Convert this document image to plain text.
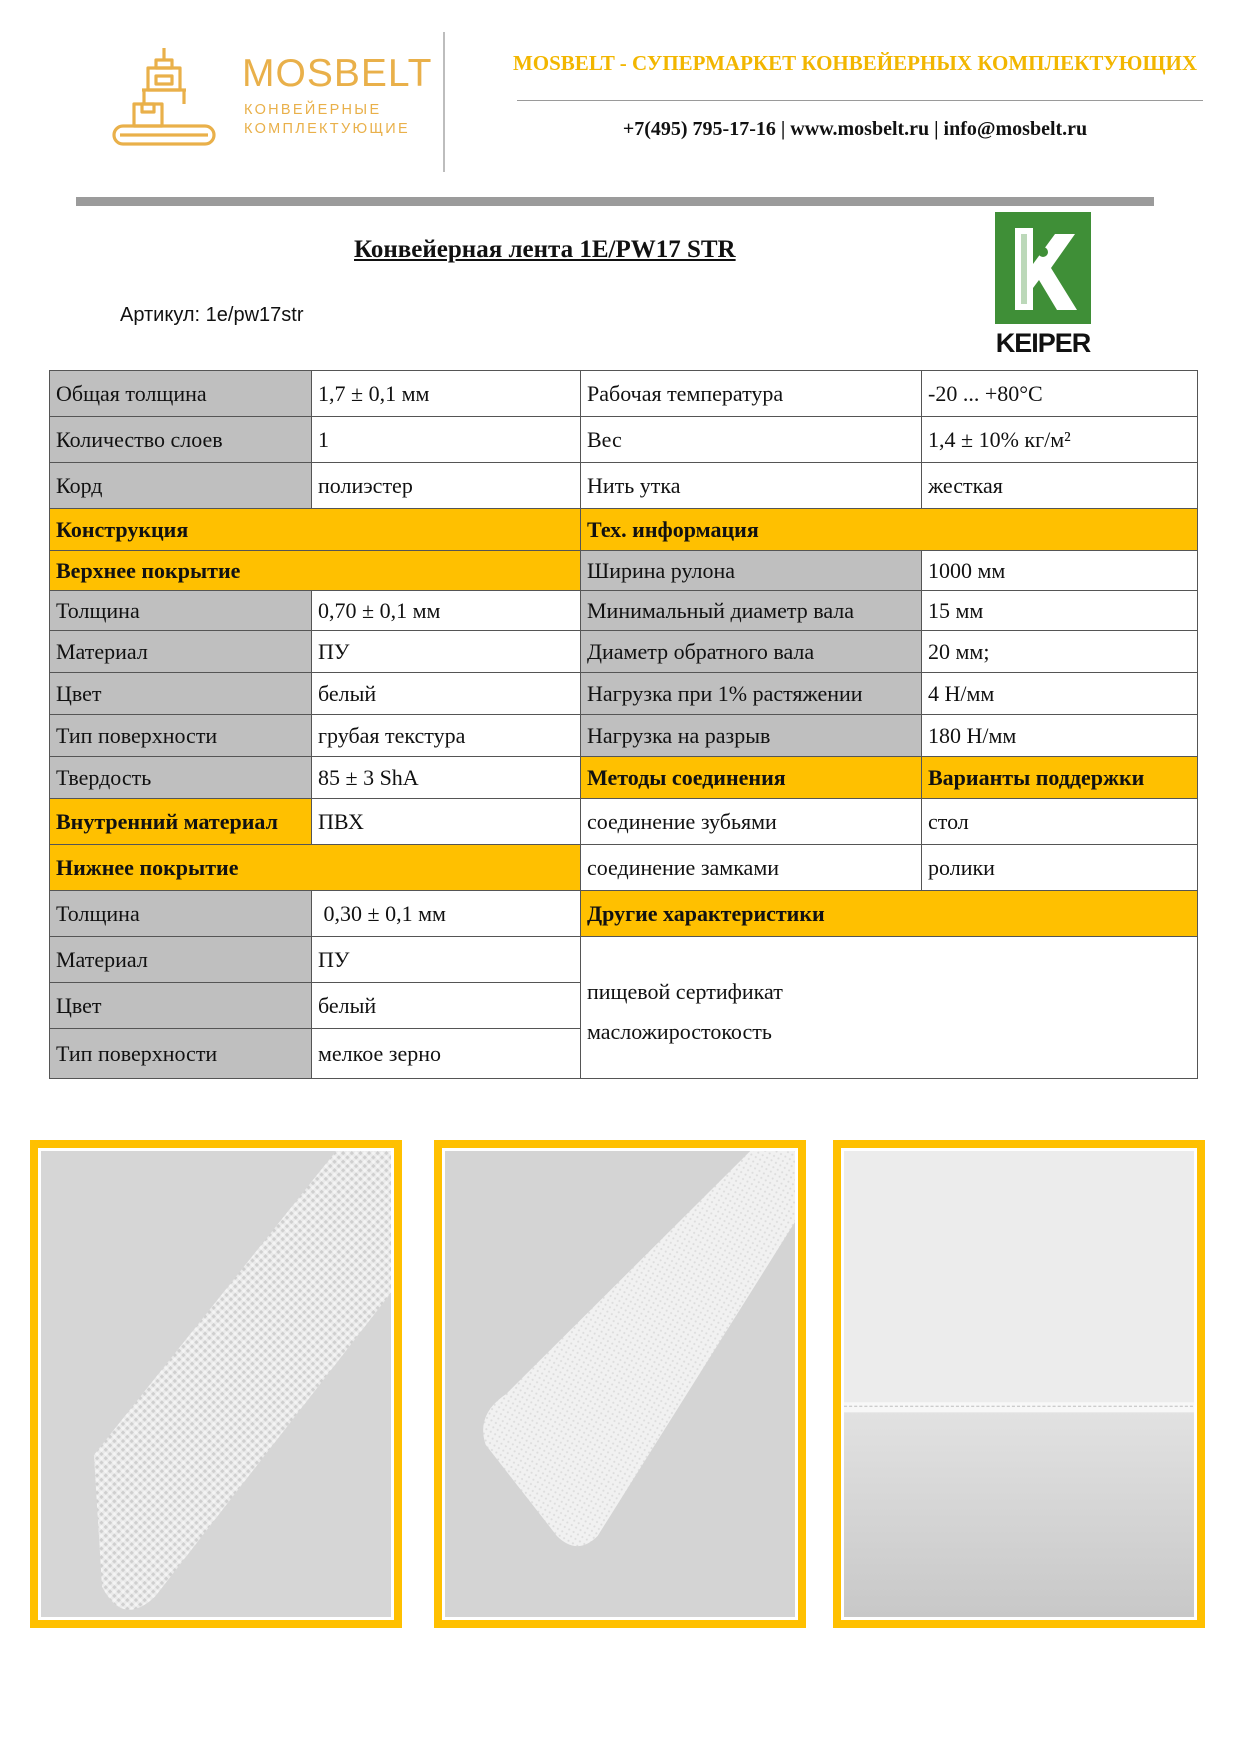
MOSBELT
КОНВЕЙЕРНЫЕ
КОМПЛЕКТУЮЩИЕ
MOSBELT - СУПЕРМАРКЕТ КОНВЕЙЕРНЫХ КОМПЛЕКТУЮЩИХ
+7(495) 795-17-16 | www.mosbelt.ru | info@mosbelt.ru
Конвейерная лента 1E/PW17 STR
Артикул: 1e/pw17str
KEIPER
Общая толщина	1,7 ± 0,1 мм	Рабочая температура	-20 ... +80°С
Количество слоев	1	Вес	1,4 ± 10% кг/м²
Корд	полиэстер	Нить утка	жесткая
Конструкция		Тех. информация	
Верхнее покрытие		Ширина рулона	1000 мм
Толщина	0,70 ± 0,1 мм	Минимальный диаметр вала	15 мм
Материал	ПУ	Диаметр обратного вала	20 мм;
Цвет	белый	Нагрузка при 1% растяжении	4 Н/мм
Тип поверхности	грубая текстура	Нагрузка на разрыв	180 Н/мм
Твердость	85 ± 3 ShA	Методы соединения	Варианты поддержки
Внутренний материал	ПВХ	соединение зубьями	стол
Нижнее покрытие		соединение замками	ролики
Толщина	0,30 ± 0,1 мм	Другие характеристики	
Материал	ПУ	пищевой сертификат
масложиростокость	

Цвет	белый		
Тип поверхности	мелкое зерно		
